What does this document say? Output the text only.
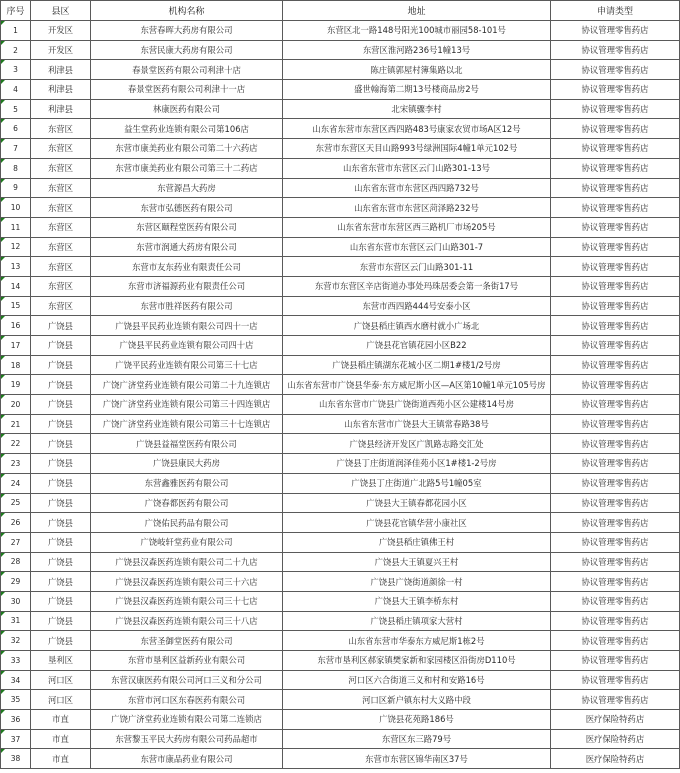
序号	县区	机构名称	地址	申请类型
1	开发区	东营春晖大药房有限公司	东营区北一路148号阳光100城市丽园58-101号	协议管理零售药店
2	开发区	东营民康大药房有限公司	东营区淮河路236号1幢13号	协议管理零售药店
3	利津县	春景堂医药有限公司利津十店	陈庄镇郭屋村簿集路以北	协议管理零售药店
4	利津县	春景堂医药有限公司利津十一店	盛世翰海第二期13号楼商品房2号	协议管理零售药店
5	利津县	林康医药有限公司	北宋镇骤李村	协议管理零售药店
6	东营区	益生堂药业连锁有限公司第106店	山东省东营市东营区西四路483号康家农贸市场A区12号	协议管理零售药店
7	东营区	东营市康美药业有限公司第二十六药店	东营市东营区天目山路993号绿洲国际4幢1单元102号	协议管理零售药店
8	东营区	东营市康美药业有限公司第三十二药店	山东省东营市东营区云门山路301-13号	协议管理零售药店
9	东营区	东营源昌大药房	山东省东营市东营区西四路732号	协议管理零售药店
10	东营区	东营市弘德医药有限公司	山东省东营市东营区菏泽路232号	协议管理零售药店
11	东营区	东营区颐程堂医药有限公司	山东省东营市东营区西三路机厂市场205号	协议管理零售药店
12	东营区	东营市润通大药房有限公司	山东省东营市东营区云门山路301-7	协议管理零售药店
13	东营区	东营市友东药业有限责任公司	东营市东营区云门山路301-11	协议管理零售药店
14	东营区	东营市济福源药业有限责任公司	东营市东营区辛店街道办事处玛珠居委会第一条街17号	协议管理零售药店
15	东营区	东营市胜祥医药有限公司	东营市西四路444号安泰小区	协议管理零售药店
16	广饶县	广饶县平民药业连锁有限公司四十一店	广饶县稻庄镇西水磨村就小广场北	协议管理零售药店
17	广饶县	广饶县平民药业连锁有限公司四十店	广饶县花官镇花园小区B22	协议管理零售药店
18	广饶县	广饶平民药业连锁有限公司第三十七店	广饶县稻庄镇湖东花城小区二期1#楼1/2号房	协议管理零售药店
19	广饶县	广饶广济堂药业连锁有限公司第二十九连锁店	山东省东营市广饶县华泰·东方威尼斯小区—A区第10幢1单元105号房	协议管理零售药店
20	广饶县	广饶广济堂药业连锁有限公司第三十四连锁店	山东省东营市广饶县广饶街道西苑小区公建楼14号房	协议管理零售药店
21	广饶县	广饶广济堂药业连锁有限公司第三十七连锁店	山东省东营市广饶县大王镇常春路38号	协议管理零售药店
22	广饶县	广饶县益福堂医药有限公司	广饶县经济开发区广凯路志路交汇处	协议管理零售药店
23	广饶县	广饶县康民大药房	广饶县丁庄街道润泽佳苑小区1#楼1-2号房	协议管理零售药店
24	广饶县	东营鑫雅医药有限公司	广饶县丁庄街道广北路5号1幢05室	协议管理零售药店
25	广饶县	广饶春都医药有限公司	广饶县大王镇春都花园小区	协议管理零售药店
26	广饶县	广饶佑民药品有限公司	广饶县花官镇华营小康社区	协议管理零售药店
27	广饶县	广饶岐轩堂药业有限公司	广饶县稻庄镇佛王村	协议管理零售药店
28	广饶县	广饶县汉森医药连锁有限公司二十九店	广饶县大王镇夏兴王村	协议管理零售药店
29	广饶县	广饶县汉森医药连锁有限公司三十六店	广饶县广饶街道颜徐一村	协议管理零售药店
30	广饶县	广饶县汉森医药连锁有限公司三十七店	广饶县大王镇李桥东村	协议管理零售药店
31	广饶县	广饶县汉森医药连锁有限公司三十八店	广饶县稻庄镇项家大营村	协议管理零售药店
32	广饶县	东营圣御堂医药有限公司	山东省东营市华泰东方威尼斯1栋2号	协议管理零售药店
33	垦利区	东营市垦利区益新药业有限公司	东营市垦利区郝家镇樊家新和家园楼区沿街房D110号	协议管理零售药店
34	河口区	东营汉康医药有限公司河口三义和分公司	河口区六合街道三义和村和安路16号	协议管理零售药店
35	河口区	东营市河口区东春医药有限公司	河口区新户镇东村大义路中段	协议管理零售药店
36	市直	广饶广济堂药业连锁有限公司第二连锁店	广饶县花苑路186号	医疗保险特药店
37	市直	东营黎玉平民大药房有限公司药品超市	东营区东三路79号	医疗保险特药店
38	市直	东营市康品药业有限公司	东营市东营区锦华南区37号	医疗保险特药店
